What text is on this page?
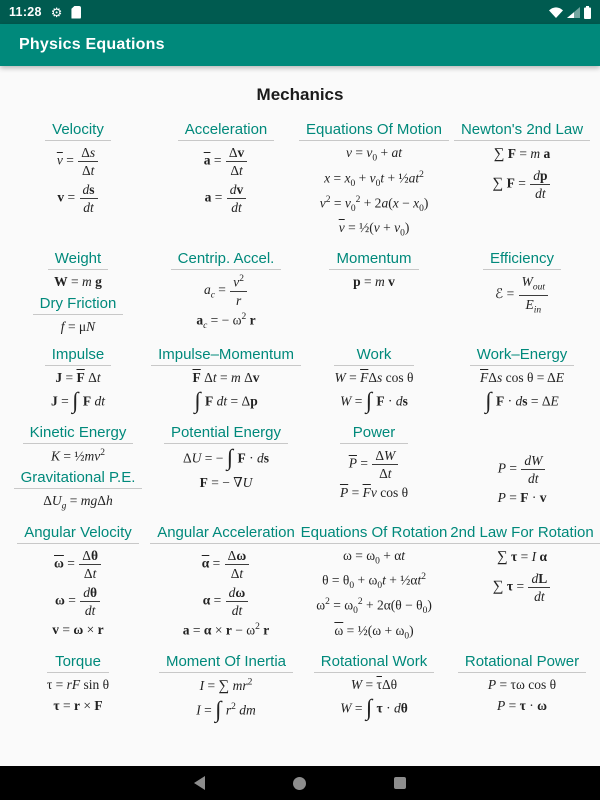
11:28 ⚙
Physics Equations
Mechanics
Velocity
$\overline{v} = \frac{\Delta s}{\Delta t}$
$v = \frac{ds}{dt}$
Acceleration
$\overline{a} = \frac{\Delta v}{\Delta t}$
$a = \frac{dv}{dt}$
Equations Of Motion
$v = v_0$ + at
$x = x_0 + v_0t$ + $\frac{1}{2}at^2$
$v^2 = v_0^2 + 2a(x - x_0)$
$\overline{v}$ = ½(v + $v_0$)
Newton's 2nd Law
∑ F = m a
∑ $F = \frac{dp}{dt}$
Weight
W = m g
Dry Friction
f = μN
Centrip. Accel.
$a_c = \frac{v^2}{r}$
$a_c$ = − $\omega^2$ r
Momentum
p = m v
Efficiency
ℰ =
$W_{out}$
$E_{in}$
Impulse
$J = \overline{F}$ Δt
J = ∫ F dt
Impulse–Momentum
$\overline{F}$ Δt = m Δv
∫ F dt = Δp
Work
$W = \overline{F}\Delta s$ cos θ
W = ∫ F · ds
Work–Energy
$\overline{F}\Delta s$ cos θ = ΔE
∫ F · ds = ΔE
Kinetic Energy
$K = \frac{1}{2}mv^2$
Gravitational P.E.
$\Delta U_g = mg\Delta h$
Potential Energy
ΔU = − ∫ F · ds
F = − ∇U
Power
$\overline{P} = \frac{\Delta W}{\Delta t}$
$\overline{P} = \overline{F}v$ cos θ
$P = \frac{dW}{dt}$
P = F · v
Angular Velocity
$\overline{\omega} = \frac{\Delta\theta}{\Delta t}$
$\omega = \frac{d\theta}{dt}$
v = ω × r
Angular Acceleration
$\overline{\alpha} = \frac{\Delta\omega}{\Delta t}$
$\alpha = \frac{d\omega}{dt}$
$a = \alpha \times r - \omega^2$ r
Equations Of Rotation
$\omega = \omega_0 + \alpha t$
$\theta = \theta_0 + \omega_0t$ + $\frac{1}{2}\alpha t^2$
$\omega^2 = \omega_0^2 + 2\alpha(\theta - \theta_0)$
$\overline{\omega}$ = ½(ω + $\omega_0$)
2nd Law For Rotation
∑ τ = I α
∑ $\tau = \frac{dL}{dt}$
Torque
τ = rF sin θ
τ = r × F
Moment Of Inertia
I = ∑ $mr^2$
I = ∫ $r^2$ dm
Rotational Work
$W = \overline{\tau}\Delta\theta$
W = ∫ τ · dθ
Rotational Power
P = τω cos θ
P = τ · ω
